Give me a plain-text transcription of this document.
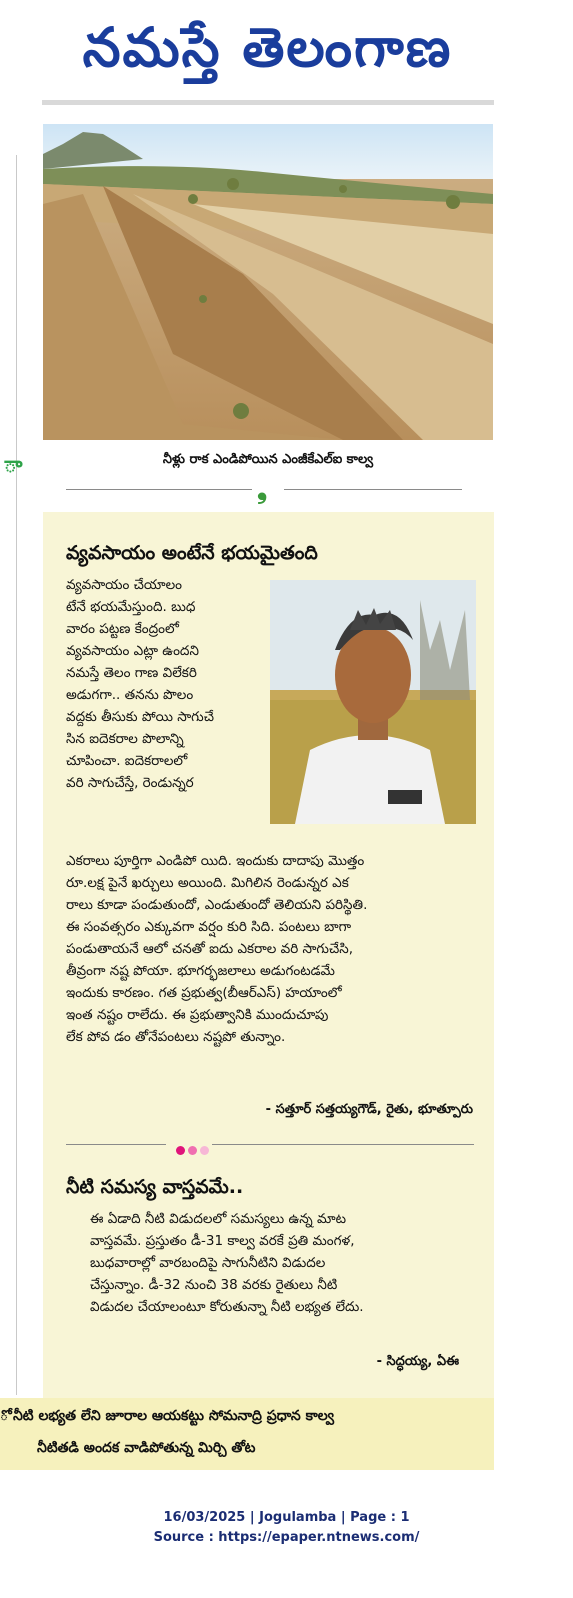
నమస్తే తెలంగాణ
నీళ్లు రాక ఎండిపోయిన ఎంజీకేఎల్‌ఐ కాల్వ
ా
❟
వ్యవసాయం అంటేనే భయమైతంది
వ్యవసాయం చేయాలం
టేనే భయమేస్తుంది. బుధ
వారం పట్టణ కేంద్రంలో
వ్యవసాయం ఎట్లా ఉందని
నమస్తే తెలం గాణ విలేకరి
అడుగగా.. తనను పొలం
వద్దకు తీసుకు పోయి సాగుచే
సిన ఐదెకరాల పొలాన్ని
చూపించా. ఐదెకరాలలో
వరి సాగుచేస్తే, రెండున్నర
ఎకరాలు పూర్తిగా ఎండిపో యిది. ఇందుకు దాదాపు మొత్తం
రూ.లక్ష పైనే ఖర్చులు అయింది. మిగిలిన రెండున్నర ఎక
రాలు కూడా పండుతుందో, ఎండుతుందో తెలియని పరిస్థితి.
ఈ సంవత్సరం ఎక్కువగా వర్షం కురి సిది. పంటలు బాగా
పండుతాయనే ఆలో చనతో ఐదు ఎకరాల వరి సాగుచేసి,
తీవ్రంగా నష్ట పోయా. భూగర్భజలాలు అడుగంటడమే
ఇందుకు కారణం. గత ప్రభుత్వ(బీఆర్‌ఎస్‌) హయాంలో
ఇంత నష్టం రాలేదు. ఈ ప్రభుత్వానికి ముందుచూపు
లేక పోవ డం తోనేపంటలు నష్టపో తున్నాం.
- సత్తూర్‌ సత్తయ్యగౌడ్‌, రైతు, భూత్పూరు
నీటి సమస్య వాస్తవమే..
ఈ ఏడాది నీటి విడుదలలో సమస్యలు ఉన్న మాట
వాస్తవమే. ప్రస్తుతం డీ-31 కాల్వ వరకే ప్రతి మంగళ,
బుధవారాల్లో వారబందిపై సాగునీటిని విడుదల
చేస్తున్నాం. డీ-32 నుంచి 38 వరకు రైతులు నీటి
విడుదల చేయాలంటూ కోరుతున్నా నీటి లభ్యత లేదు.
- సిద్ధయ్య, ఏఈ
ో నీటి లభ్యత లేని జూరాల ఆయకట్టు సోమనాద్రి ప్రధాన కాల్వ
నీటితడి అందక వాడిపోతున్న మిర్చి తోట
16/03/2025 | Jogulamba | Page : 1
Source : https://epaper.ntnews.com/
